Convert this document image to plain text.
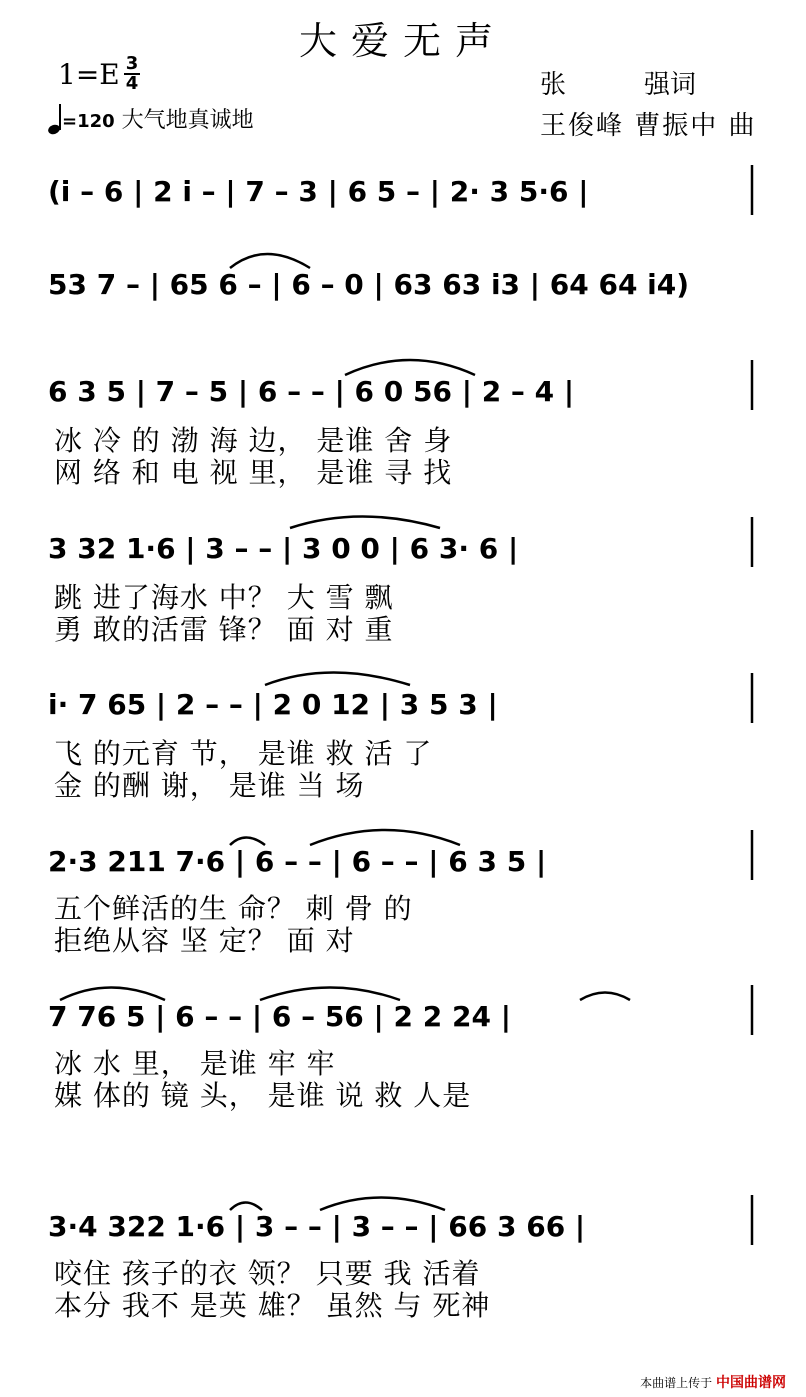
大爱无声
1=E 3
4
=120 大气地真诚地
张　　　强词
王俊峰 曹振中 曲
(i – 6 | 2 i – | 7 – 3 | 6 5 – | 2· 3 5·6 |
53 7 – | 65 6 – | 6 – 0 | 63 63 i3 | 64 64 i4)
6 3 5 | 7 – 5 | 6 – – | 6 0 56 | 2 – 4 |
冰 冷 的 渤 海 边， 是谁 舍 身
网 络 和 电 视 里， 是谁 寻 找
3 32 1·6 | 3 – – | 3 0 0 | 6 3· 6 |
跳 进了海水 中？ 大 雪 飘
勇 敢的活雷 锋？ 面 对 重
i· 7 65 | 2 – – | 2 0 12 | 3 5 3 |
飞 的元育 节， 是谁 救 活 了
金 的酬 谢， 是谁 当 场
2·3 211 7·6 | 6 – – | 6 – – | 6 3 5 |
五个鲜活的生 命？ 刺 骨 的
拒绝从容 坚 定？ 面 对
7 76 5 | 6 – – | 6 – 56 | 2 2 24 |
冰 水 里， 是谁 牢 牢
媒 体的 镜 头， 是谁 说 救 人是
3·4 322 1·6 | 3 – – | 3 – – | 66 3 66 |
咬住 孩子的衣 领？ 只要 我 活着
本分 我不 是英 雄？ 虽然 与 死神
本曲谱上传于 中国曲谱网
